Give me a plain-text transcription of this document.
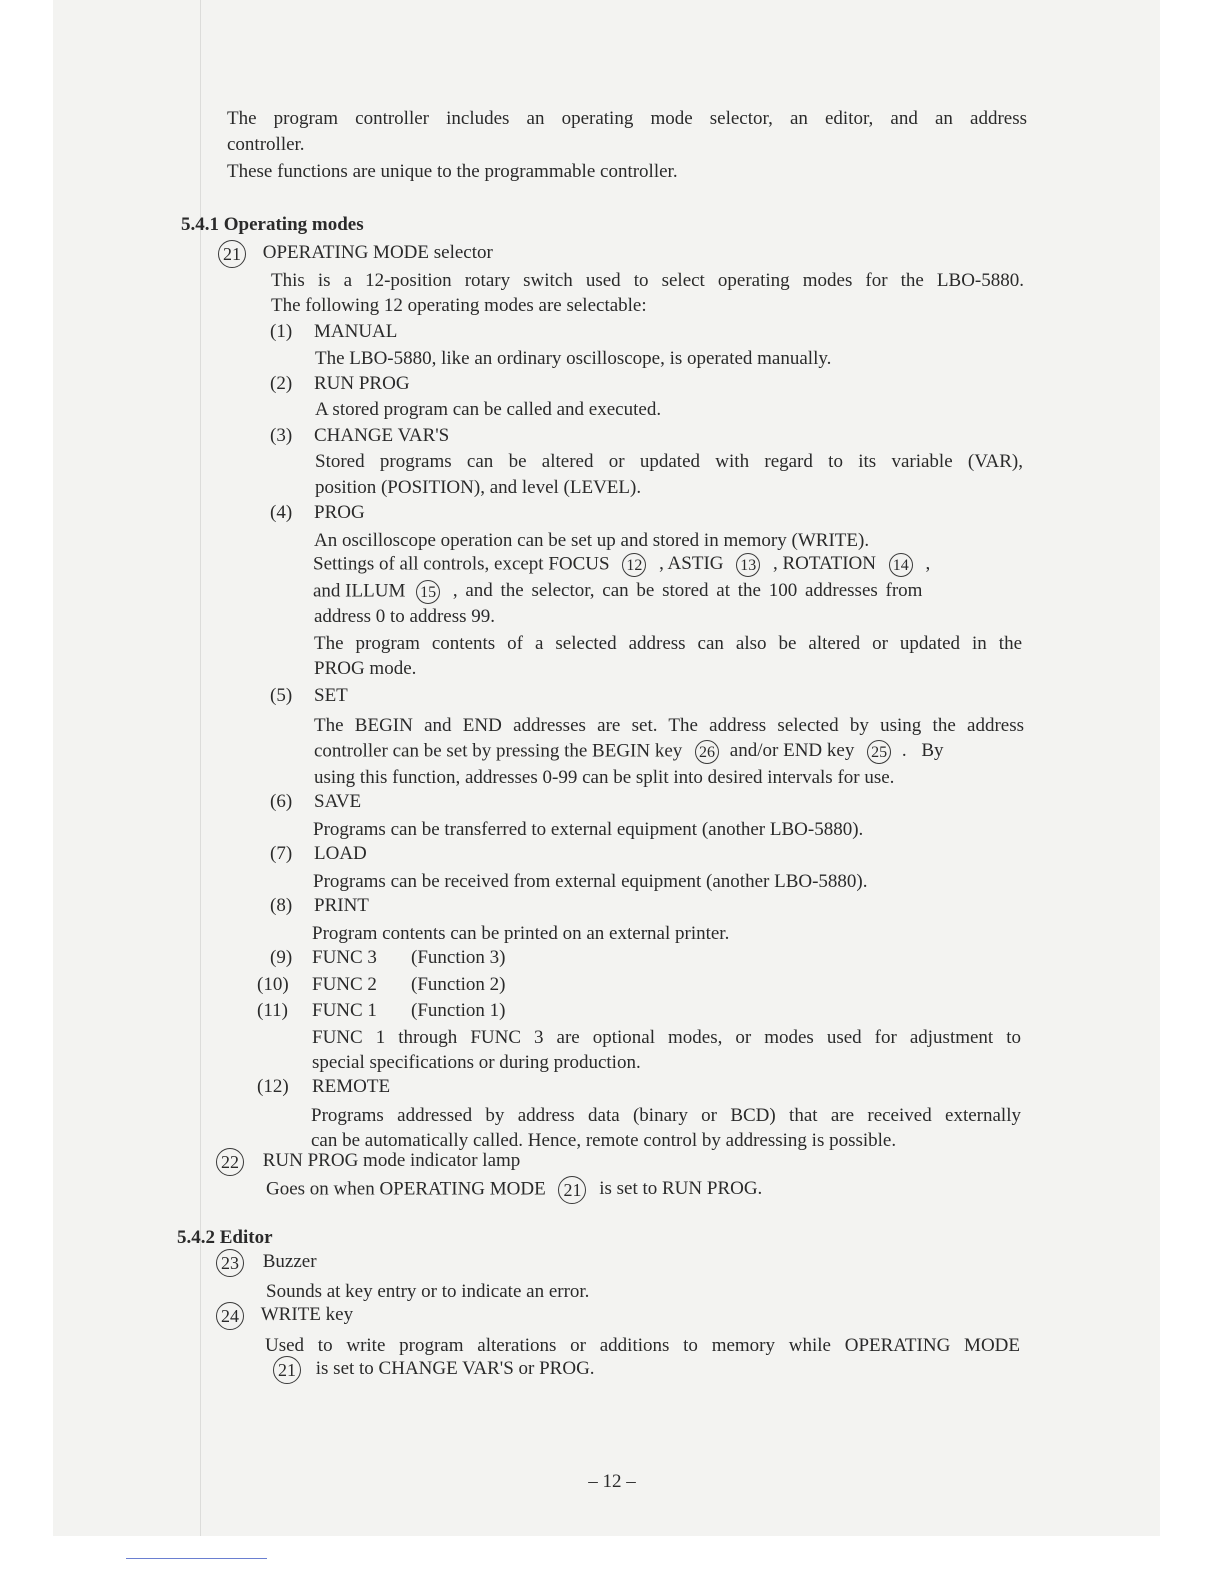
The program controller includes an operating mode selector, an editor, and an address
controller.
These functions are unique to the programmable controller.
5.4.1 Operating modes
21 OPERATING MODE selector
This is a 12-position rotary switch used to select operating modes for the LBO-5880.
The following 12 operating modes are selectable:
(1) MANUAL
The LBO-5880, like an ordinary oscilloscope, is operated manually.
(2) RUN PROG
A stored program can be called and executed.
(3) CHANGE VAR'S
Stored programs can be altered or updated with regard to its variable (VAR),
position (POSITION), and level (LEVEL).
(4) PROG
An oscilloscope operation can be set up and stored in memory (WRITE).
Settings of all controls, except FOCUS 12 , ASTIG 13 , ROTATION 14 ,
and ILLUM 15 , and the selector, can be stored at the 100 addresses from
address 0 to address 99.
The program contents of a selected address can also be altered or updated in the
PROG mode.
(5) SET
The BEGIN and END addresses are set. The address selected by using the address
controller can be set by pressing the BEGIN key 26 and/or END key 25 . By
using this function, addresses 0-99 can be split into desired intervals for use.
(6) SAVE
Programs can be transferred to external equipment (another LBO-5880).
(7) LOAD
Programs can be received from external equipment (another LBO-5880).
(8) PRINT
Program contents can be printed on an external printer.
(9) FUNC 3 (Function 3)
(10) FUNC 2 (Function 2)
(11) FUNC 1 (Function 1)
FUNC 1 through FUNC 3 are optional modes, or modes used for adjustment to
special specifications or during production.
(12) REMOTE
Programs addressed by address data (binary or BCD) that are received externally
can be automatically called. Hence, remote control by addressing is possible.
22 RUN PROG mode indicator lamp
Goes on when OPERATING MODE 21 is set to RUN PROG.
5.4.2 Editor
23 Buzzer
Sounds at key entry or to indicate an error.
24 WRITE key
Used to write program alterations or additions to memory while OPERATING MODE
21 is set to CHANGE VAR'S or PROG.
– 12 –
